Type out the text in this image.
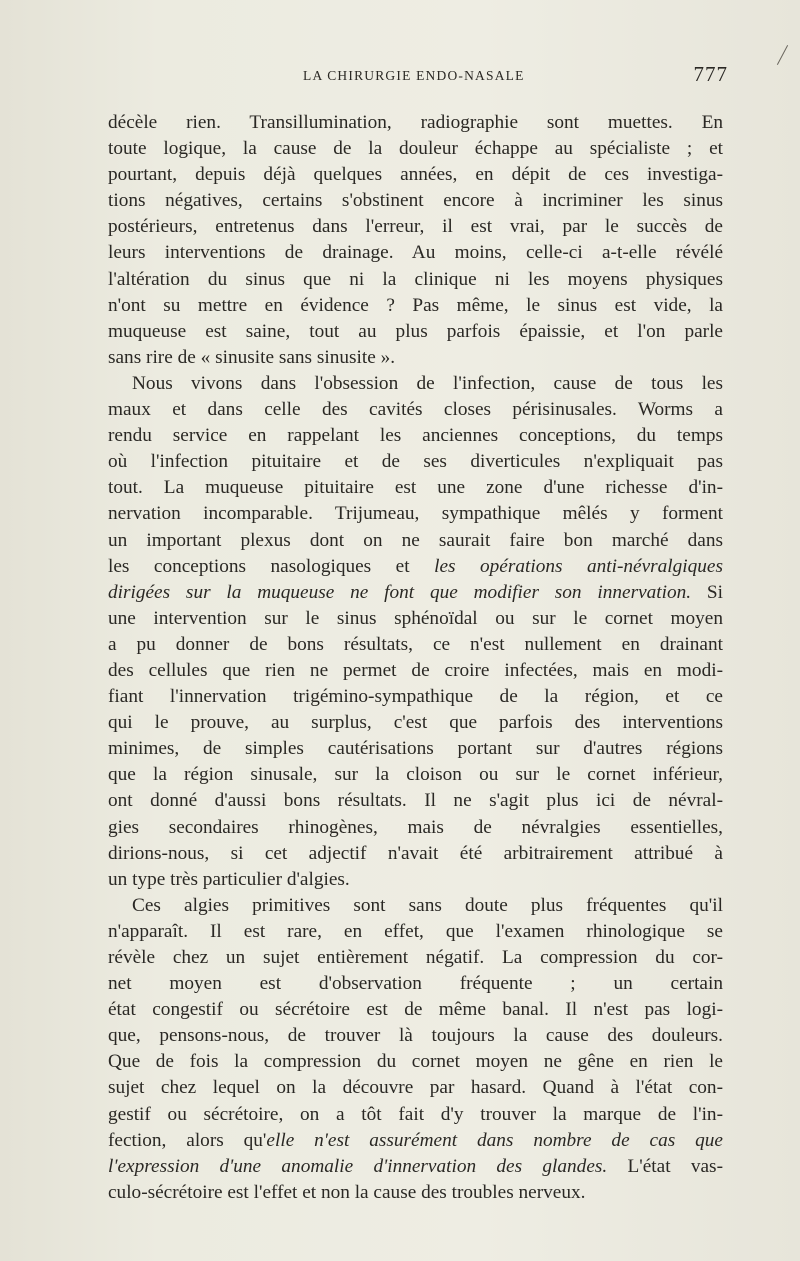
LA CHIRURGIE ENDO-NASALE	777
décèle rien. Transillumination, radiographie sont muettes. En
toute logique, la cause de la douleur échappe au spécialiste ; et
pourtant, depuis déjà quelques années, en dépit de ces investiga-
tions négatives, certains s'obstinent encore à incriminer les sinus
postérieurs, entretenus dans l'erreur, il est vrai, par le succès de
leurs interventions de drainage. Au moins, celle-ci a-t-elle révélé
l'altération du sinus que ni la clinique ni les moyens physiques
n'ont su mettre en évidence ? Pas même, le sinus est vide, la
muqueuse est saine, tout au plus parfois épaissie, et l'on parle
sans rire de « sinusite sans sinusite ».
Nous vivons dans l'obsession de l'infection, cause de tous les
maux et dans celle des cavités closes périsinusales. Worms a
rendu service en rappelant les anciennes conceptions, du temps
où l'infection pituitaire et de ses diverticules n'expliquait pas
tout. La muqueuse pituitaire est une zone d'une richesse d'in-
nervation incomparable. Trijumeau, sympathique mêlés y forment
un important plexus dont on ne saurait faire bon marché dans
les conceptions nasologiques et les opérations anti-névralgiques
dirigées sur la muqueuse ne font que modifier son innervation. Si
une intervention sur le sinus sphénoïdal ou sur le cornet moyen
a pu donner de bons résultats, ce n'est nullement en drainant
des cellules que rien ne permet de croire infectées, mais en modi-
fiant l'innervation trigémino-sympathique de la région, et ce
qui le prouve, au surplus, c'est que parfois des interventions
minimes, de simples cautérisations portant sur d'autres régions
que la région sinusale, sur la cloison ou sur le cornet inférieur,
ont donné d'aussi bons résultats. Il ne s'agit plus ici de névral-
gies secondaires rhinogènes, mais de névralgies essentielles,
dirions-nous, si cet adjectif n'avait été arbitrairement attribué à
un type très particulier d'algies.
Ces algies primitives sont sans doute plus fréquentes qu'il
n'apparaît. Il est rare, en effet, que l'examen rhinologique se
révèle chez un sujet entièrement négatif. La compression du cor-
net moyen est d'observation fréquente ; un certain
état congestif ou sécrétoire est de même banal. Il n'est pas logi-
que, pensons-nous, de trouver là toujours la cause des douleurs.
Que de fois la compression du cornet moyen ne gêne en rien le
sujet chez lequel on la découvre par hasard. Quand à l'état con-
gestif ou sécrétoire, on a tôt fait d'y trouver la marque de l'in-
fection, alors qu'elle n'est assurément dans nombre de cas que
l'expression d'une anomalie d'innervation des glandes. L'état vas-
culo-sécrétoire est l'effet et non la cause des troubles nerveux.
